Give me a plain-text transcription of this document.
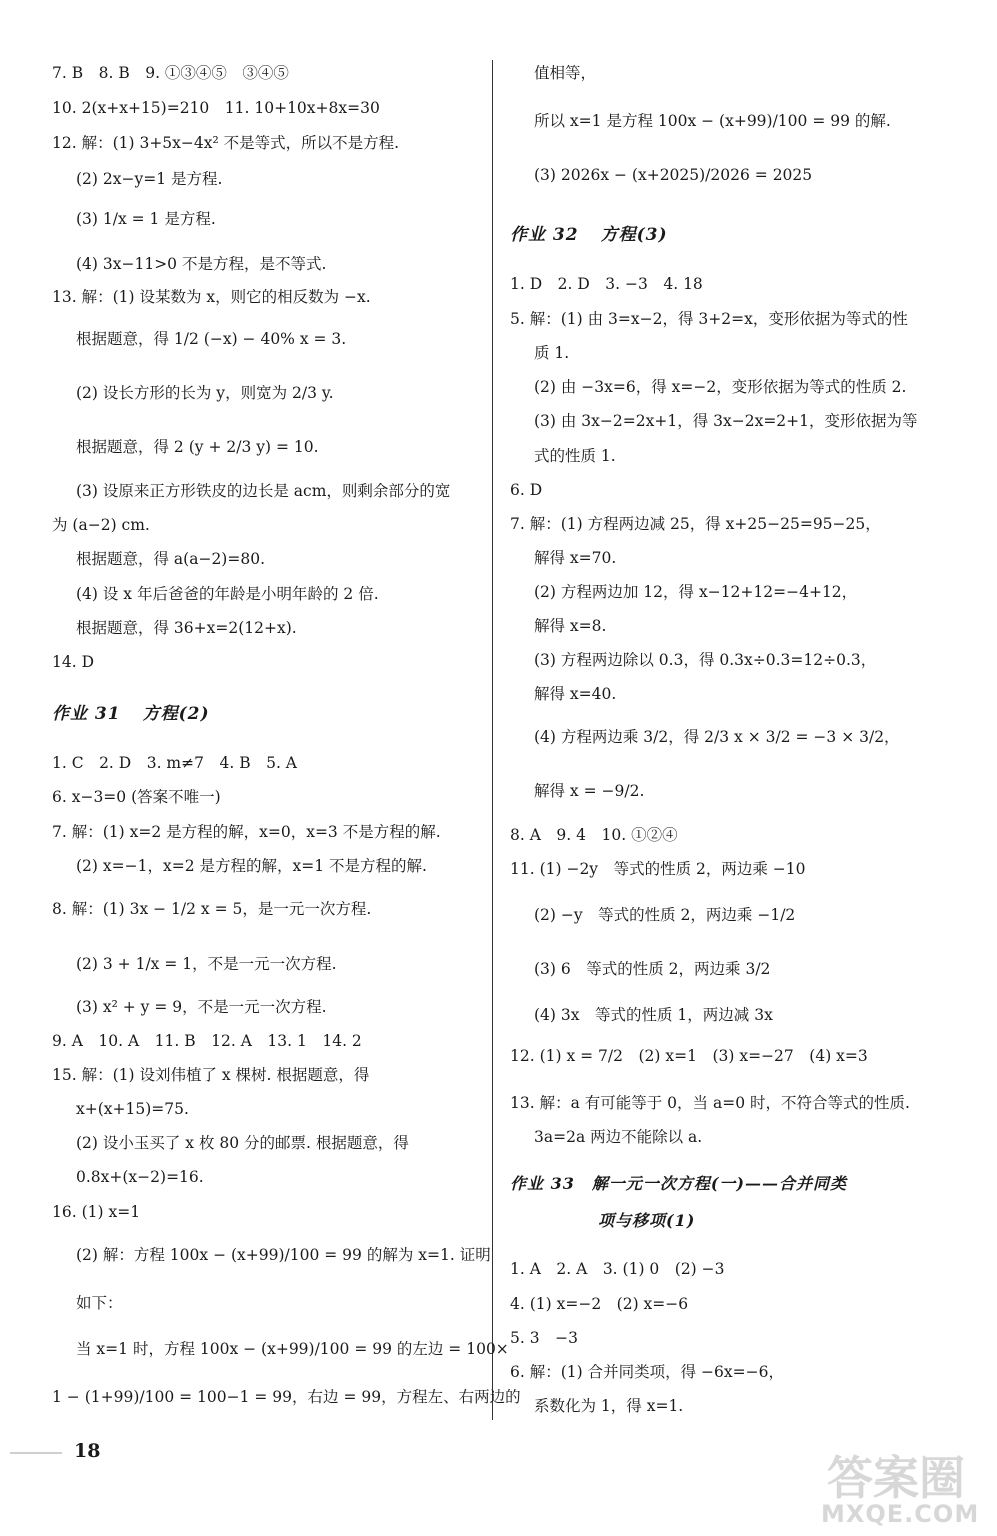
7. B　8. B　9. ①③④⑤　③④⑤
10. 2(x+x+15)=210　11. 10+10x+8x=30
12. 解：(1) 3+5x−4x² 不是等式，所以不是方程.
(2) 2x−y=1 是方程.
(3) 1/x = 1 是方程.
(4) 3x−11>0 不是方程，是不等式.
13. 解：(1) 设某数为 x，则它的相反数为 −x.
根据题意，得 1/2 (−x) − 40% x = 3.
(2) 设长方形的长为 y，则宽为 2/3 y.
根据题意，得 2 (y + 2/3 y) = 10.
(3) 设原来正方形铁皮的边长是 acm，则剩余部分的宽
为 (a−2) cm.
根据题意，得 a(a−2)=80.
(4) 设 x 年后爸爸的年龄是小明年龄的 2 倍.
根据题意，得 36+x=2(12+x).
14. D
作业 31 方程(2)
1. C　2. D　3. m≠7　4. B　5. A
6. x−3=0 (答案不唯一)
7. 解：(1) x=2 是方程的解，x=0，x=3 不是方程的解.
(2) x=−1，x=2 是方程的解，x=1 不是方程的解.
8. 解：(1) 3x − 1/2 x = 5，是一元一次方程.
(2) 3 + 1/x = 1，不是一元一次方程.
(3) x² + y = 9，不是一元一次方程.
9. A　10. A　11. B　12. A　13. 1　14. 2
15. 解：(1) 设刘伟植了 x 棵树. 根据题意，得
x+(x+15)=75.
(2) 设小玉买了 x 枚 80 分的邮票. 根据题意，得
0.8x+(x−2)=16.
16. (1) x=1
(2) 解：方程 100x − (x+99)/100 = 99 的解为 x=1. 证明
如下：
当 x=1 时，方程 100x − (x+99)/100 = 99 的左边 = 100×
1 − (1+99)/100 = 100−1 = 99，右边 = 99，方程左、右两边的
值相等，
所以 x=1 是方程 100x − (x+99)/100 = 99 的解.
(3) 2026x − (x+2025)/2026 = 2025
作业 32 方程(3)
1. D　2. D　3. −3　4. 18
5. 解：(1) 由 3=x−2，得 3+2=x，变形依据为等式的性
质 1.
(2) 由 −3x=6，得 x=−2，变形依据为等式的性质 2.
(3) 由 3x−2=2x+1，得 3x−2x=2+1，变形依据为等
式的性质 1.
6. D
7. 解：(1) 方程两边减 25，得 x+25−25=95−25，
解得 x=70.
(2) 方程两边加 12，得 x−12+12=−4+12，
解得 x=8.
(3) 方程两边除以 0.3，得 0.3x÷0.3=12÷0.3，
解得 x=40.
(4) 方程两边乘 3/2，得 2/3 x × 3/2 = −3 × 3/2，
解得 x = −9/2.
8. A　9. 4　10. ①②④
11. (1) −2y　等式的性质 2，两边乘 −10
(2) −y　等式的性质 2，两边乘 −1/2
(3) 6　等式的性质 2，两边乘 3/2
(4) 3x　等式的性质 1，两边减 3x
12. (1) x = 7/2　(2) x=1　(3) x=−27　(4) x=3
13. 解：a 有可能等于 0，当 a=0 时，不符合等式的性质.
3a=2a 两边不能除以 a.
作业 33　解一元一次方程(一)——合并同类
项与移项(1)
1. A　2. A　3. (1) 0　(2) −3
4. (1) x=−2　(2) x=−6
5. 3　−3
6. 解：(1) 合并同类项，得 −6x=−6，
系数化为 1，得 x=1.
18	答案圈
MXQE.COM
